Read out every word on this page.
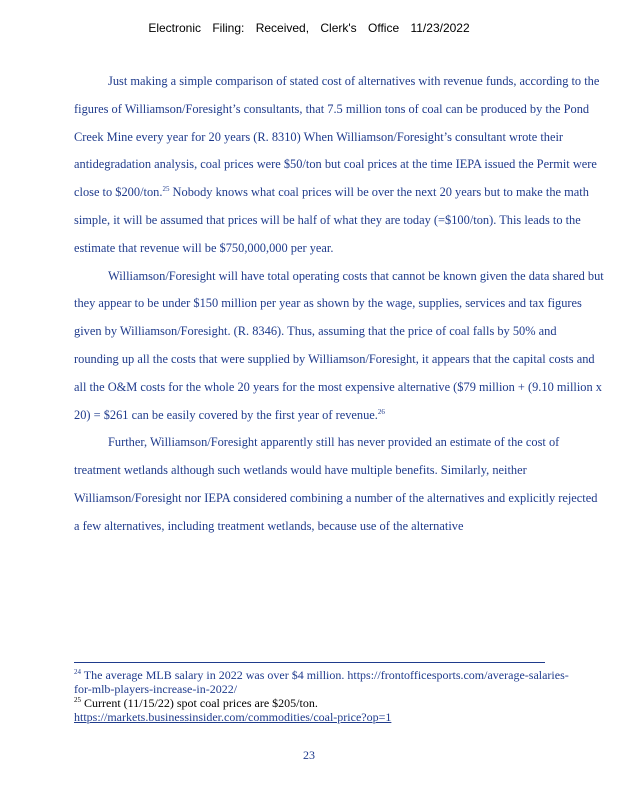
Electronic Filing: Received, Clerk's Office 11/23/2022

Just making a simple comparison of stated cost of alternatives with revenue funds, according to the figures of Williamson/Foresight’s consultants, that 7.5 million tons of coal can be produced by the Pond Creek Mine every year for 20 years (R. 8310) When Williamson/Foresight’s consultant wrote their antidegradation analysis, coal prices were $50/ton but coal prices at the time IEPA issued the Permit were close to $200/ton.$^{25}$ Nobody knows what coal prices will be over the next 20 years but to make the math simple, it will be assumed that prices will be half of what they are today (=$100/ton). This leads to the estimate that revenue will be $750,000,000 per year.

Williamson/Foresight will have total operating costs that cannot be known given the data shared but they appear to be under $150 million per year as shown by the wage, supplies, services and tax figures given by Williamson/Foresight. (R. 8346). Thus, assuming that the price of coal falls by 50% and rounding up all the costs that were supplied by Williamson/Foresight, it appears that the capital costs and all the O&M costs for the whole 20 years for the most expensive alternative ($79 million + (9.10 million x 20) = $261 can be easily covered by the first year of revenue.$^{26}$

Further, Williamson/Foresight apparently still has never provided an estimate of the cost of treatment wetlands although such wetlands would have multiple benefits. Similarly, neither Williamson/Foresight nor IEPA considered combining a number of the alternatives and explicitly rejected a few alternatives, including treatment wetlands, because use of the alternative

$^{24}$ The average MLB salary in 2022 was over $4 million. https://frontofficesports.com/average-salaries-for-mlb-players-increase-in-2022/

$^{25}$ Current (11/15/22) spot coal prices are $205/ton.
https://markets.businessinsider.com/commodities/coal-price?op=1

23
